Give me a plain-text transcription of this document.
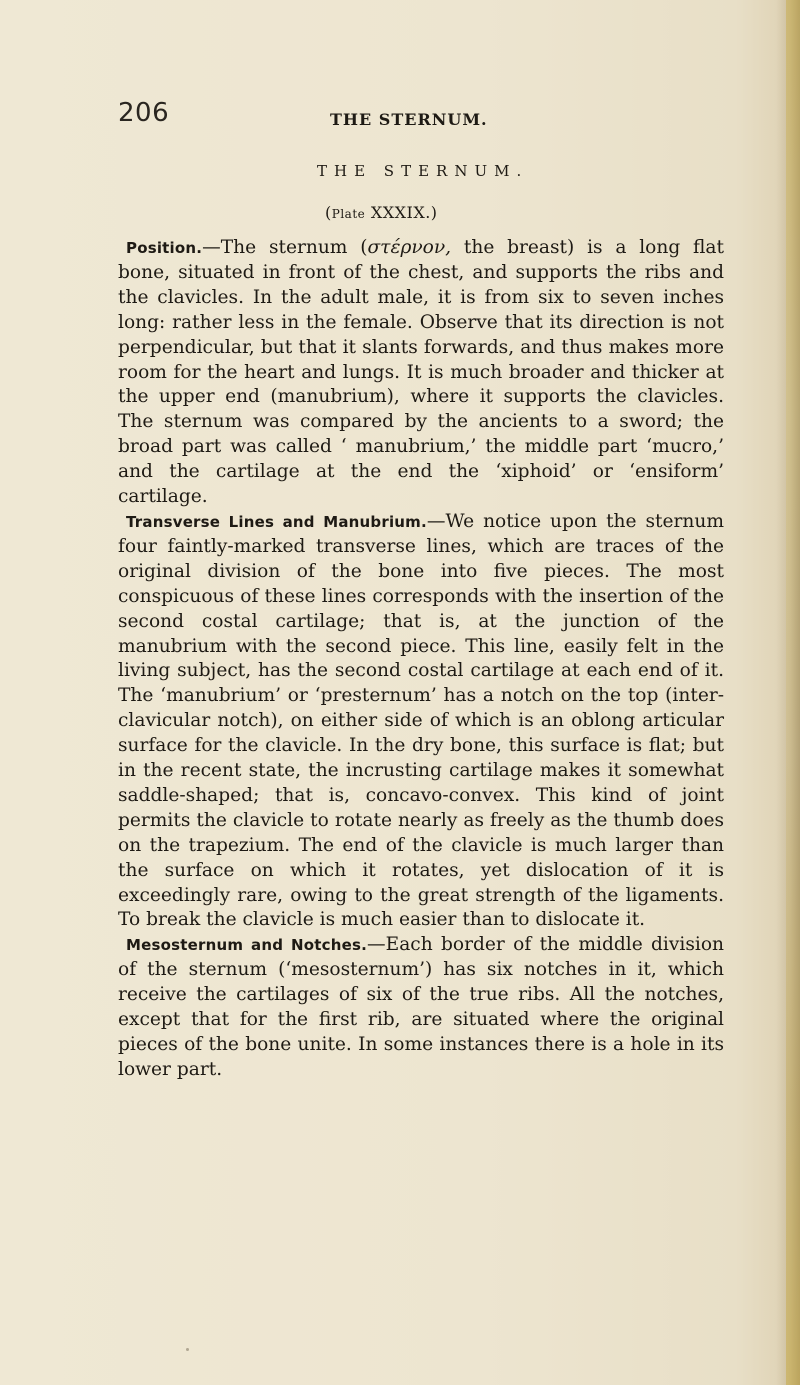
206	THE STERNUM.
THE STERNUM.
(Plate XXXIX.)

Position.—The sternum (στέρνον, the breast) is a long flat bone, situated in front of the chest, and supports the ribs and the clavicles. In the adult male, it is from six to seven inches long: rather less in the female. Observe that its direction is not perpendicular, but that it slants forwards, and thus makes more room for the heart and lungs. It is much broader and thicker at the upper end (manubrium), where it supports the clavicles. The sternum was compared by the ancients to a sword; the broad part was called ‘ manubrium,’ the middle part ‘mucro,’ and the cartilage at the end the ‘xiphoid’ or ‘ensiform’ cartilage.

Transverse Lines and Manubrium.—We notice upon the sternum four faintly-marked transverse lines, which are traces of the original division of the bone into five pieces. The most conspicuous of these lines corresponds with the insertion of the second costal cartilage; that is, at the junction of the manubrium with the second piece. This line, easily felt in the living subject, has the second costal cartilage at each end of it. The ‘manubrium’ or ‘presternum’ has a notch on the top (inter-clavicular notch), on either side of which is an oblong articular surface for the clavicle. In the dry bone, this surface is flat; but in the recent state, the incrusting cartilage makes it somewhat saddle-shaped; that is, concavo-convex. This kind of joint permits the clavicle to rotate nearly as freely as the thumb does on the trapezium. The end of the clavicle is much larger than the surface on which it rotates, yet dislocation of it is exceedingly rare, owing to the great strength of the ligaments. To break the clavicle is much easier than to dislocate it.

Mesosternum and Notches.—Each border of the middle division of the sternum (‘mesosternum’) has six notches in it, which receive the cartilages of six of the true ribs. All the notches, except that for the first rib, are situated where the original pieces of the bone unite. In some instances there is a hole in its lower part.
